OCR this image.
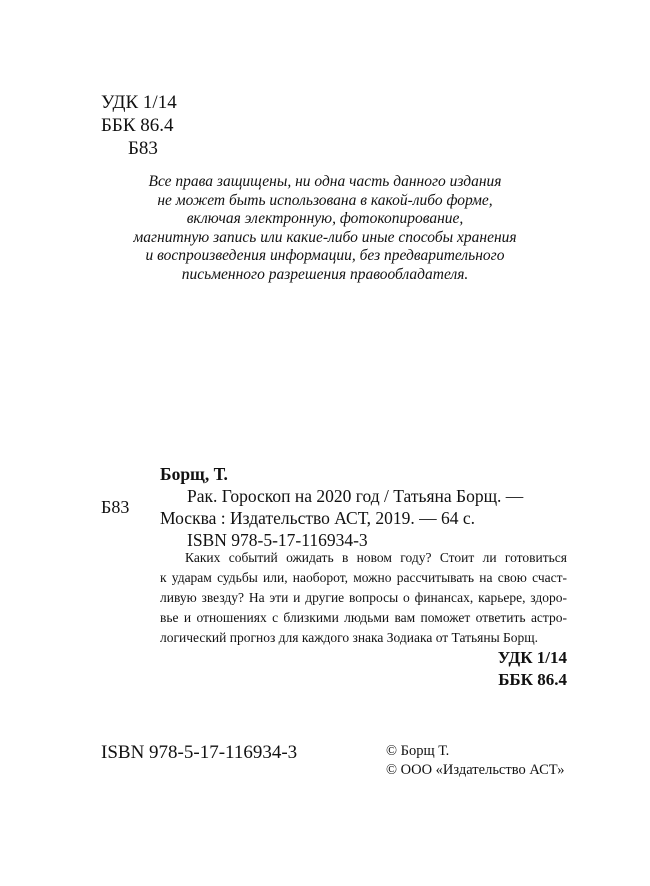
УДК 1/14
ББК 86.4
Б83
Все права защищены, ни одна часть данного издания
не может быть использована в какой-либо форме,
включая электронную, фотокопирование,
магнитную запись или какие-либо иные способы хранения
и воспроизведения информации, без предварительного
письменного разрешения правообладателя.
Б83
Борщ, Т.
Рак. Гороскоп на 2020 год / Татьяна Борщ. —
Москва : Издательство АСТ, 2019. — 64 с.
ISBN 978-5-17-116934-3
Каких событий ожидать в новом году? Стоит ли готовиться
к ударам судьбы или, наоборот, можно рассчитывать на свою счаст-
ливую звезду? На эти и другие вопросы о финансах, карьере, здоро-
вье и отношениях с близкими людьми вам поможет ответить астро-
логический прогноз для каждого знака Зодиака от Татьяны Борщ.
УДК 1/14
ББК 86.4
ISBN 978-5-17-116934-3	© Борщ Т.
© ООО «Издательство АСТ»
